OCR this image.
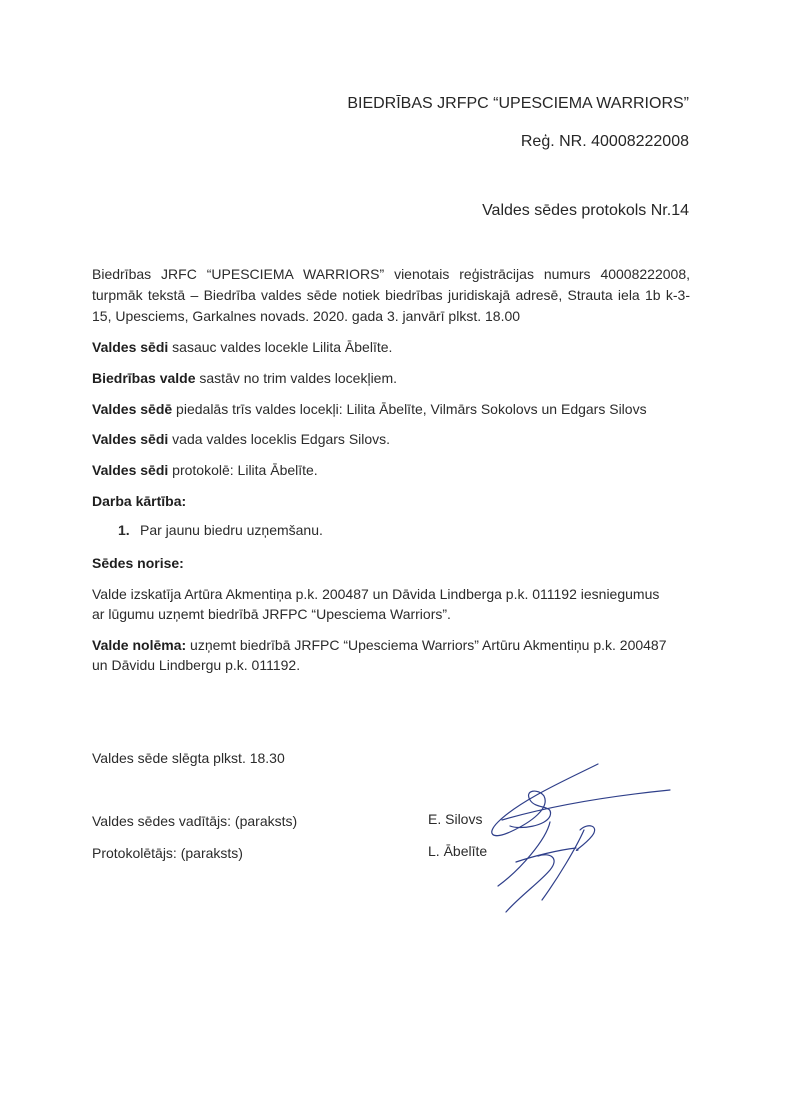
BIEDRĪBAS JRFPC “UPESCIEMA WARRIORS”
Reģ. NR. 40008222008
Valdes sēdes protokols Nr.14
Biedrības JRFC “UPESCIEMA WARRIORS” vienotais reģistrācijas numurs 40008222008,
turpmāk tekstā – Biedrība valdes sēde notiek biedrības juridiskajā adresē, Strauta iela 1b k-3-
15, Upesciems, Garkalnes novads. 2020. gada 3. janvārī plkst. 18.00
Valdes sēdi sasauc valdes locekle Lilita Ābelīte.
Biedrības valde sastāv no trim valdes locekļiem.
Valdes sēdē piedalās trīs valdes locekļi: Lilita Ābelīte, Vilmārs Sokolovs un Edgars Silovs
Valdes sēdi vada valdes loceklis Edgars Silovs.
Valdes sēdi protokolē: Lilita Ābelīte.
Darba kārtība:
1. Par jaunu biedru uzņemšanu.
Sēdes norise:
Valde izskatīja Artūra Akmentiņa p.k. 200487 un Dāvida Lindberga p.k. 011192 iesniegumus
ar lūgumu uzņemt biedrībā JRFPC “Upesciema Warriors”.
Valde nolēma: uzņemt biedrībā JRFPC “Upesciema Warriors” Artūru Akmentiņu p.k. 200487
un Dāvidu Lindbergu p.k. 011192.
Valdes sēde slēgta plkst. 18.30
Valdes sēdes vadītājs: (paraksts)	E. Silovs
Protokolētājs: (paraksts)	L. Ābelīte
